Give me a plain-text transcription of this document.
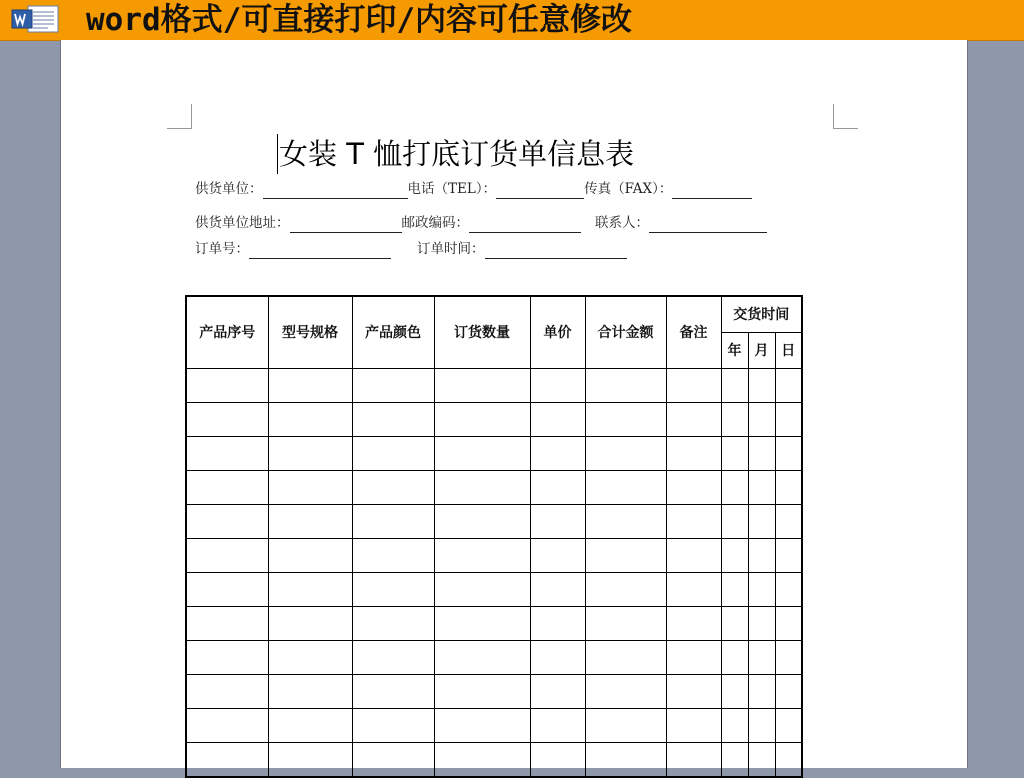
word格式/可直接打印/内容可任意修改
女装 T 恤打底订货单信息表
供货单位：	电话（TEL）：	传真（FAX）：
供货单位地址：	邮政编码：	联系人：
订单号：	订单时间：
产品序号	型号规格	产品颜色	订货数量	单价	合计金额	备注	交货时间		
							年	月	日
